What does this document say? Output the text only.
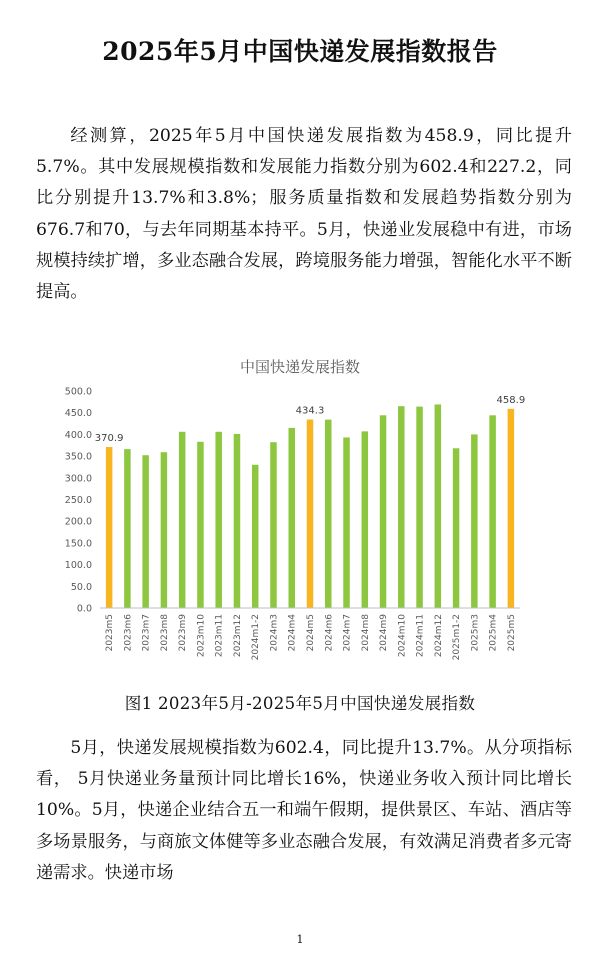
2025年5月中国快递发展指数报告

经测算，2025年5月中国快递发展指数为458.9，同比提升5.7%。其中发展规模指数和发展能力指数分别为602.4和227.2，同比分别提升13.7%和3.8%；服务质量指数和发展趋势指数分别为676.7和70，与去年同期基本持平。5月，快递业发展稳中有进，市场规模持续扩增，多业态融合发展，跨境服务能力增强，智能化水平不断提高。

中国快递发展指数
0.0
50.0
100.0
150.0
200.0
250.0
300.0
350.0
400.0
450.0
500.0
370.9
434.3
458.9
2023m5 2023m6 2023m7 2023m8 2023m9 2023m10 2023m11 2023m12 2024m1-2 2024m3 2024m4 2024m5 2024m6 2024m7 2024m8 2024m9 2024m10 2024m11 2024m12 2025m1-2 2025m3 2025m4 2025m5
图1 2023年5月-2025年5月中国快递发展指数

5月，快递发展规模指数为602.4，同比提升13.7%。从分项指标看， 5月快递业务量预计同比增长16%，快递业务收入预计同比增长10%。5月，快递企业结合五一和端午假期，提供景区、车站、酒店等多场景服务，与商旅文体健等多业态融合发展，有效满足消费者多元寄递需求。快递市场

1
